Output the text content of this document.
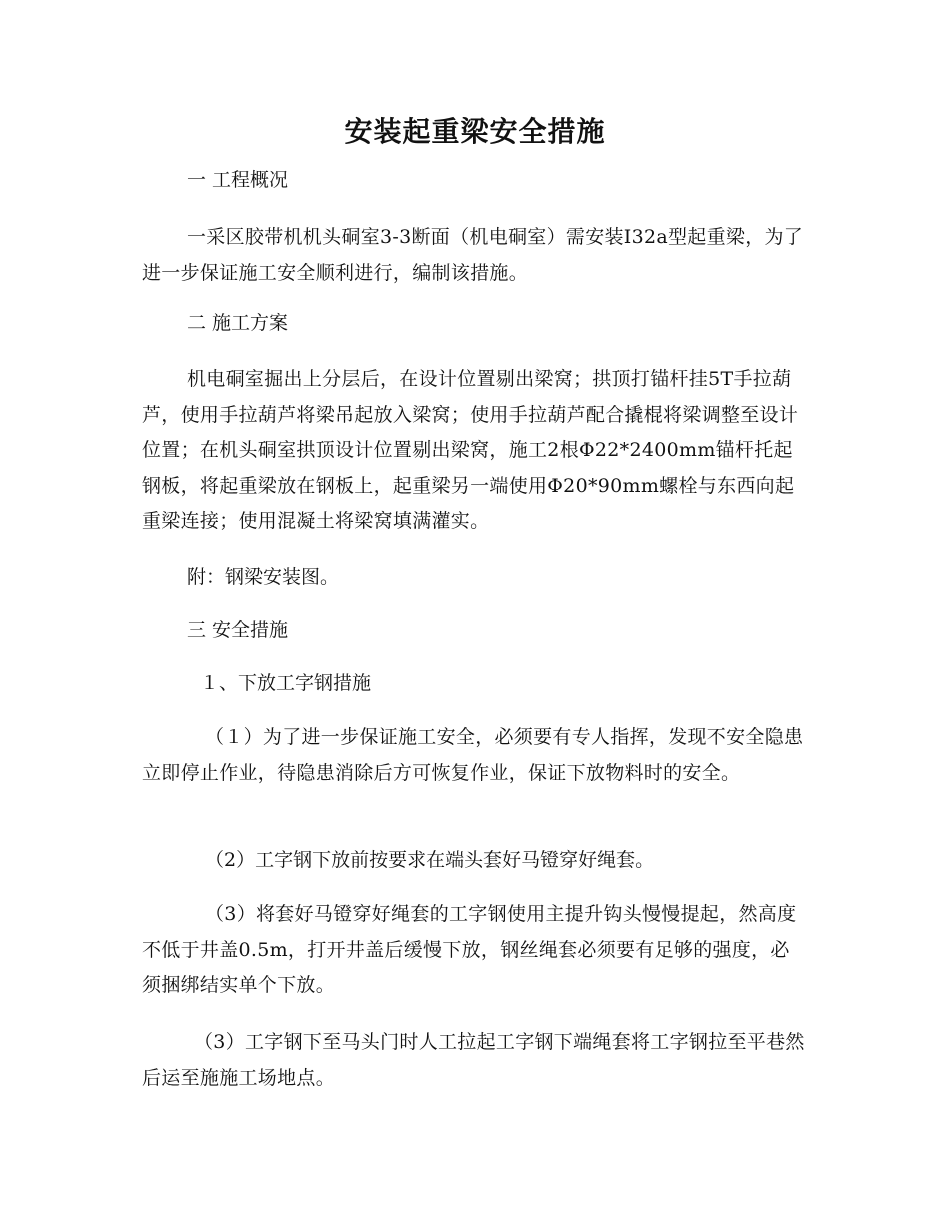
安装起重梁安全措施
一 工程概况
一采区胶带机机头硐室3-3断面（机电硐室）需安装I32a型起重梁，为了进一步保证施工安全顺利进行，编制该措施。
二 施工方案
机电硐室掘出上分层后，在设计位置剔出梁窝；拱顶打锚杆挂5T手拉葫芦，使用手拉葫芦将梁吊起放入梁窝；使用手拉葫芦配合撬棍将梁调整至设计位置；在机头硐室拱顶设计位置剔出梁窝，施工2根Φ22*2400mm锚杆托起钢板，将起重梁放在钢板上，起重梁另一端使用Φ20*90mm螺栓与东西向起重梁连接；使用混凝土将梁窝填满灌实。
附：钢梁安装图。
三 安全措施
１、下放工字钢措施
（１）为了进一步保证施工安全，必须要有专人指挥，发现不安全隐患立即停止作业，待隐患消除后方可恢复作业，保证下放物料时的安全。
（2）工字钢下放前按要求在端头套好马镫穿好绳套。
（3）将套好马镫穿好绳套的工字钢使用主提升钩头慢慢提起，然高度不低于井盖0.5m，打开井盖后缓慢下放，钢丝绳套必须要有足够的强度，必须捆绑结实单个下放。
（3）工字钢下至马头门时人工拉起工字钢下端绳套将工字钢拉至平巷然后运至施施工场地点。
